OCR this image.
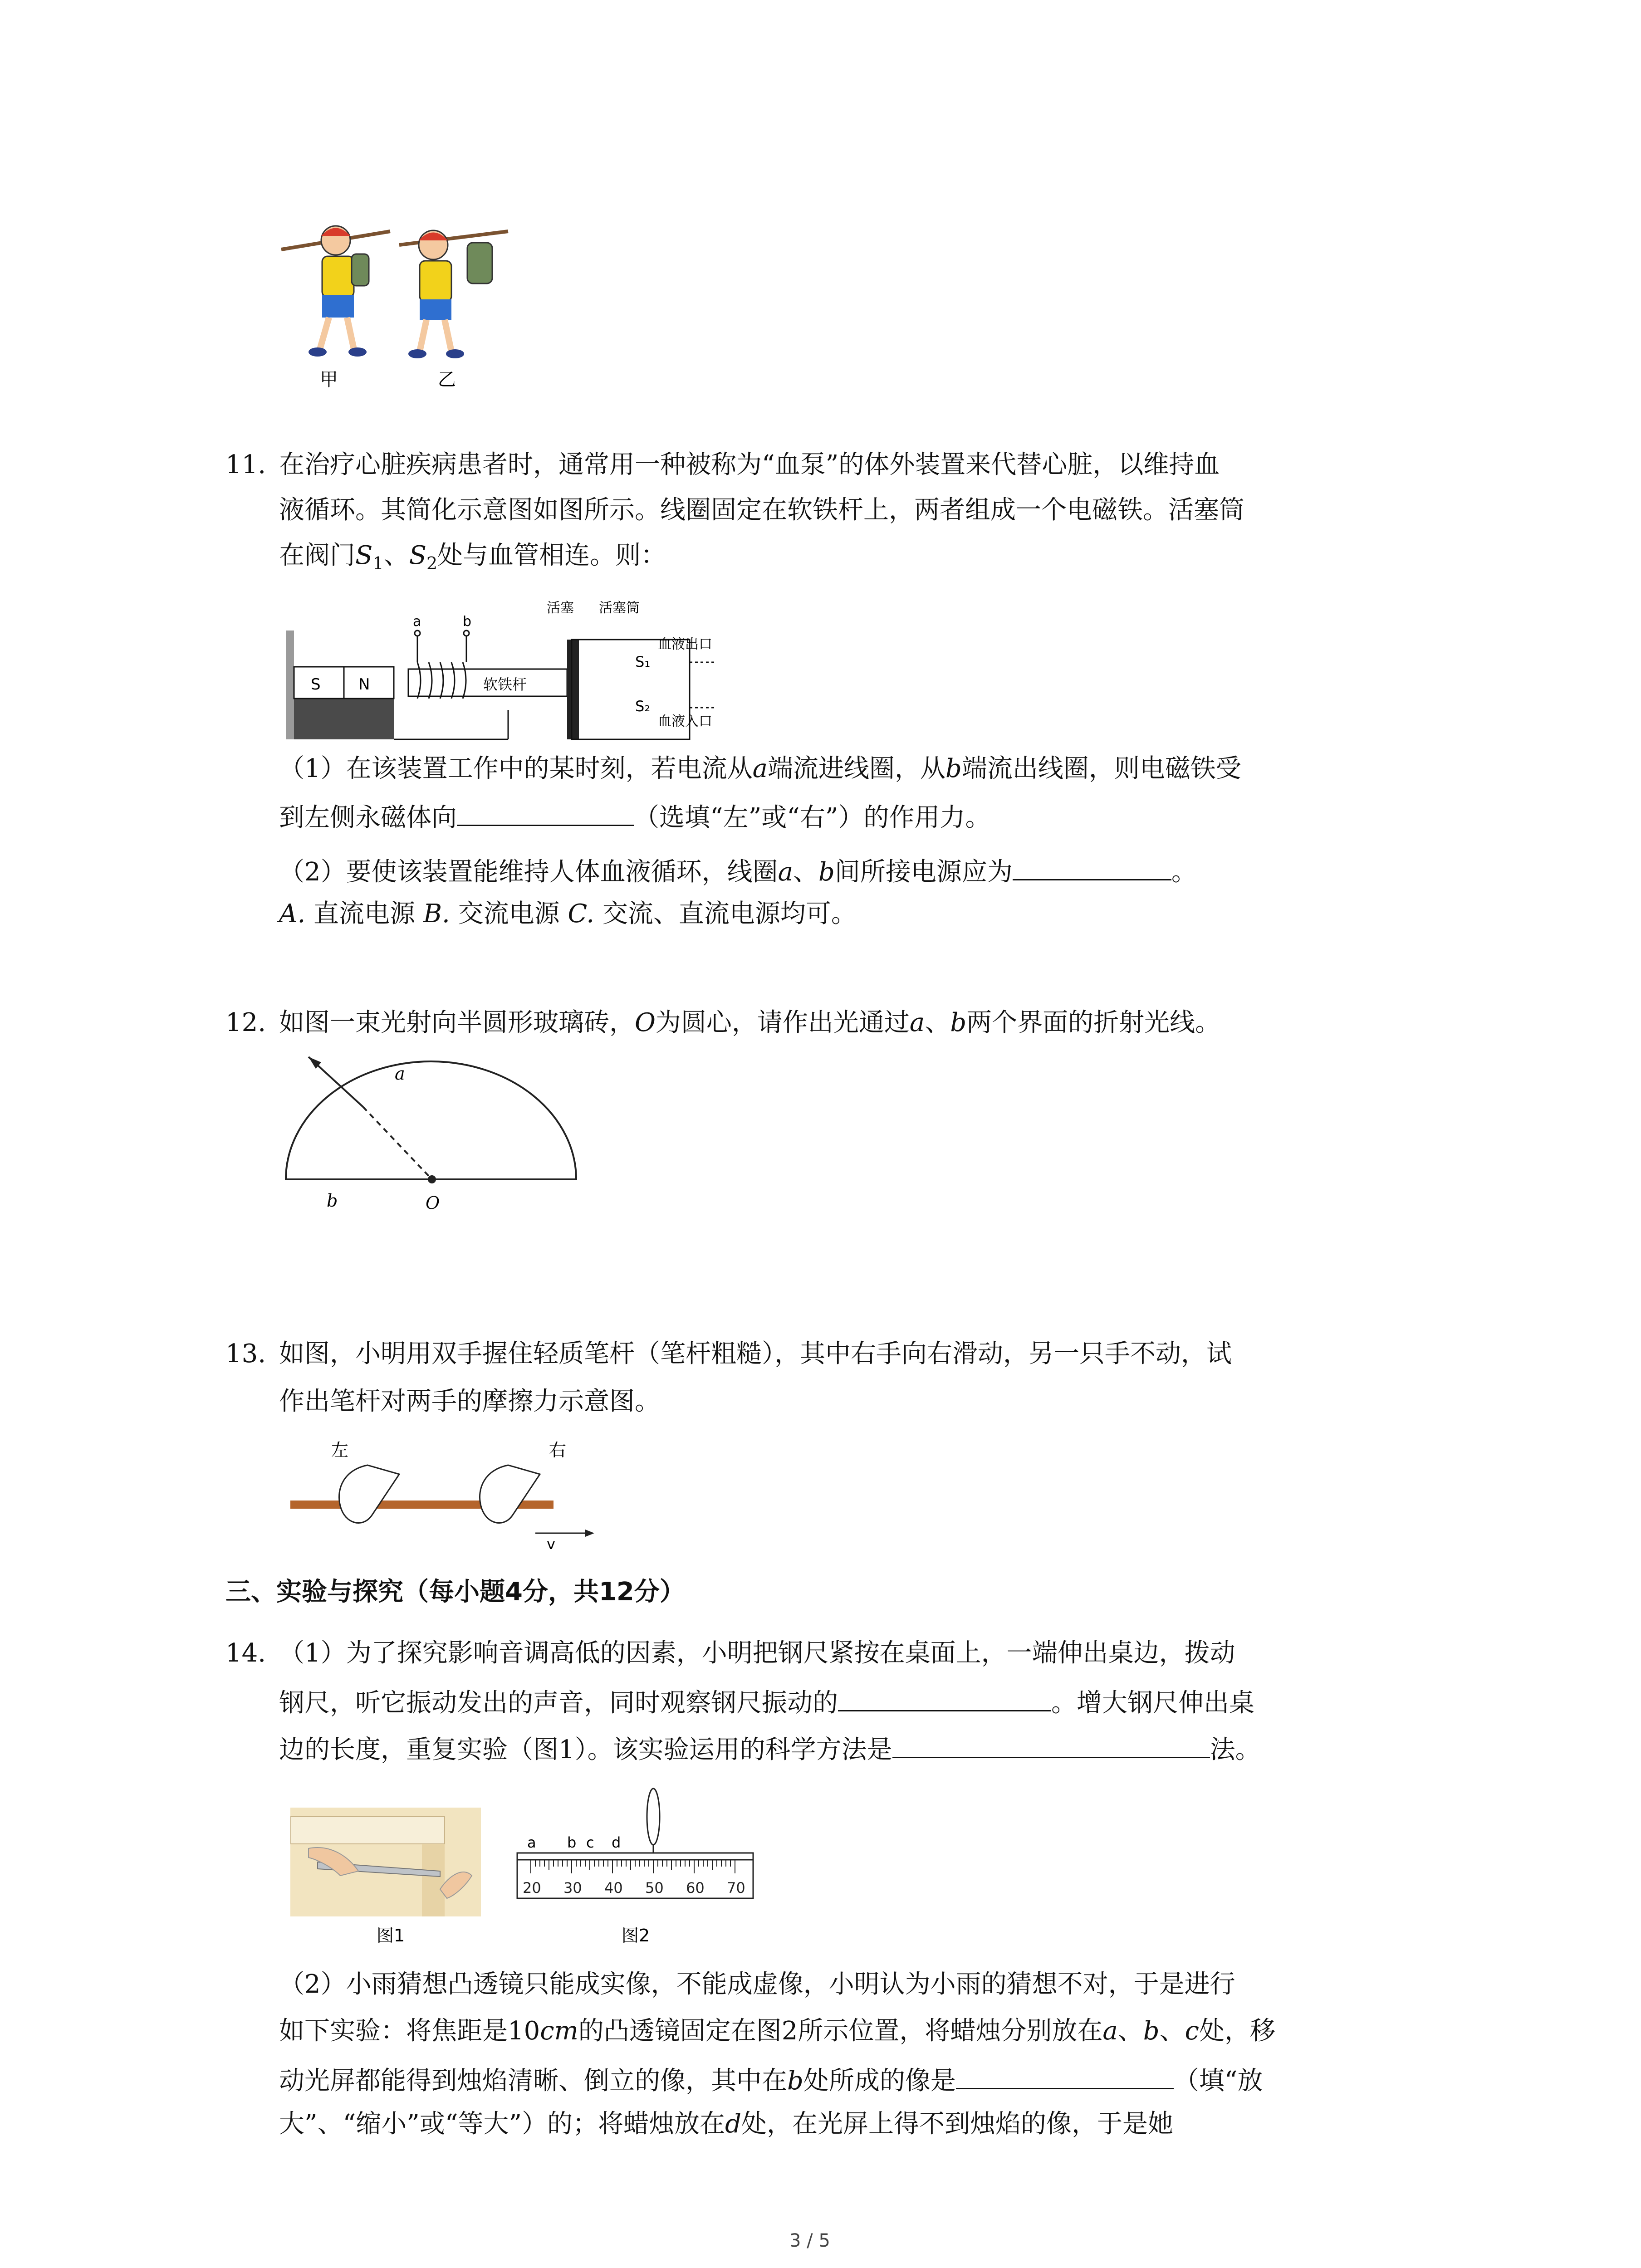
甲	乙
11. 在治疗心脏疾病患者时，通常用一种被称为“血泵”的体外装置来代替心脏，以维持血
液循环。其简化示意图如图所示。线圈固定在软铁杆上，两者组成一个电磁铁。活塞筒
在阀门$S_1$、$S_2$处与血管相连。则：
S N
a	b
软铁杆
活塞 活塞筒
S₁
S₂
血液出口
血液入口
（1）在该装置工作中的某时刻，若电流从a端流进线圈，从b端流出线圈，则电磁铁受
到左侧永磁体向	（选填“左”或“右”）的作用力。
（2）要使该装置能维持人体血液循环，线圈a、b间所接电源应为	。
A. 直流电源 B. 交流电源 C. 交流、直流电源均可。
12. 如图一束光射向半圆形玻璃砖，O为圆心，请作出光通过a、b两个界面的折射光线。
a
b	O
13. 如图，小明用双手握住轻质笔杆（笔杆粗糙），其中右手向右滑动，另一只手不动，试
作出笔杆对两手的摩擦力示意图。
左	右
v
三、实验与探究（每小题4分，共12分）
14. （1）为了探究影响音调高低的因素，小明把钢尺紧按在桌面上，一端伸出桌边，拨动
钢尺，听它振动发出的声音，同时观察钢尺振动的	。增大钢尺伸出桌
边的长度，重复实验（图1）。该实验运用的科学方法是	法。
图1
a b c d
20 30 40 50 60 70
图2
（2）小雨猜想凸透镜只能成实像，不能成虚像，小明认为小雨的猜想不对，于是进行
如下实验：将焦距是10cm的凸透镜固定在图2所示位置，将蜡烛分别放在a、b、c处，移
动光屏都能得到烛焰清晰、倒立的像，其中在b处所成的像是	（填“放
大”、“缩小”或“等大”）的；将蜡烛放在d处，在光屏上得不到烛焰的像，于是她
3 / 5
